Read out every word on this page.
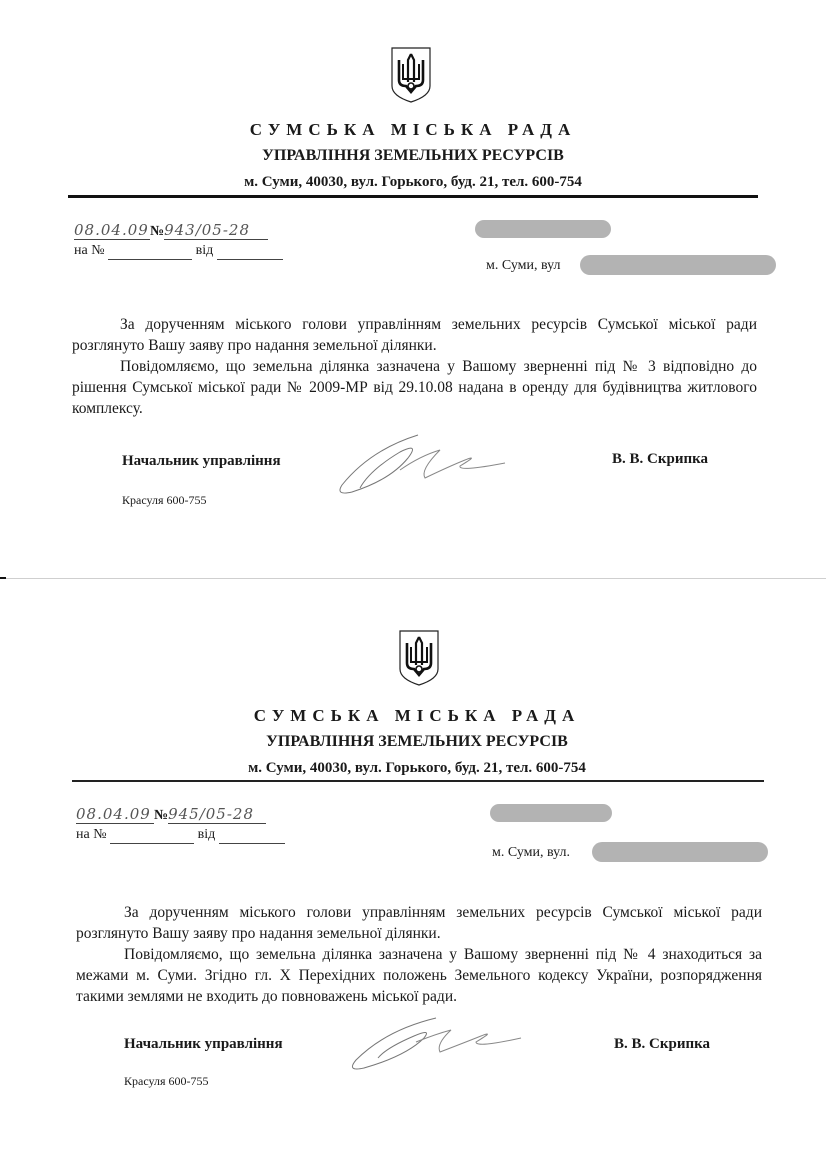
СУМСЬКА МІСЬКА РАДА
УПРАВЛІННЯ ЗЕМЕЛЬНИХ РЕСУРСІВ
м. Суми, 40030, вул. Горького, буд. 21, тел. 600-754
08.04.09№943/05-28
на №	від
м. Суми, вул

За дорученням міського голови управлінням земельних ресурсів Сумської міської ради розглянуто Вашу заяву про надання земельної ділянки.

Повідомляємо, що земельна ділянка зазначена у Вашому зверненні під № 3 відповідно до рішення Сумської міської ради № 2009-МР від 29.10.08 надана в оренду для будівництва житлового комплексу.

Начальник управління	В. В. Скрипка
Красуля 600-755
СУМСЬКА МІСЬКА РАДА
УПРАВЛІННЯ ЗЕМЕЛЬНИХ РЕСУРСІВ
м. Суми, 40030, вул. Горького, буд. 21, тел. 600-754
08.04.09 №945/05-28
на №	від
м. Суми, вул.

За дорученням міського голови управлінням земельних ресурсів Сумської міської ради розглянуто Вашу заяву про надання земельної ділянки.

Повідомляємо, що земельна ділянка зазначена у Вашому зверненні під № 4 знаходиться за межами м. Суми. Згідно гл. Х Перехідних положень Земельного кодексу України, розпорядження такими землями не входить до повноважень міської ради.

Начальник управління	В. В. Скрипка
Красуля 600-755
